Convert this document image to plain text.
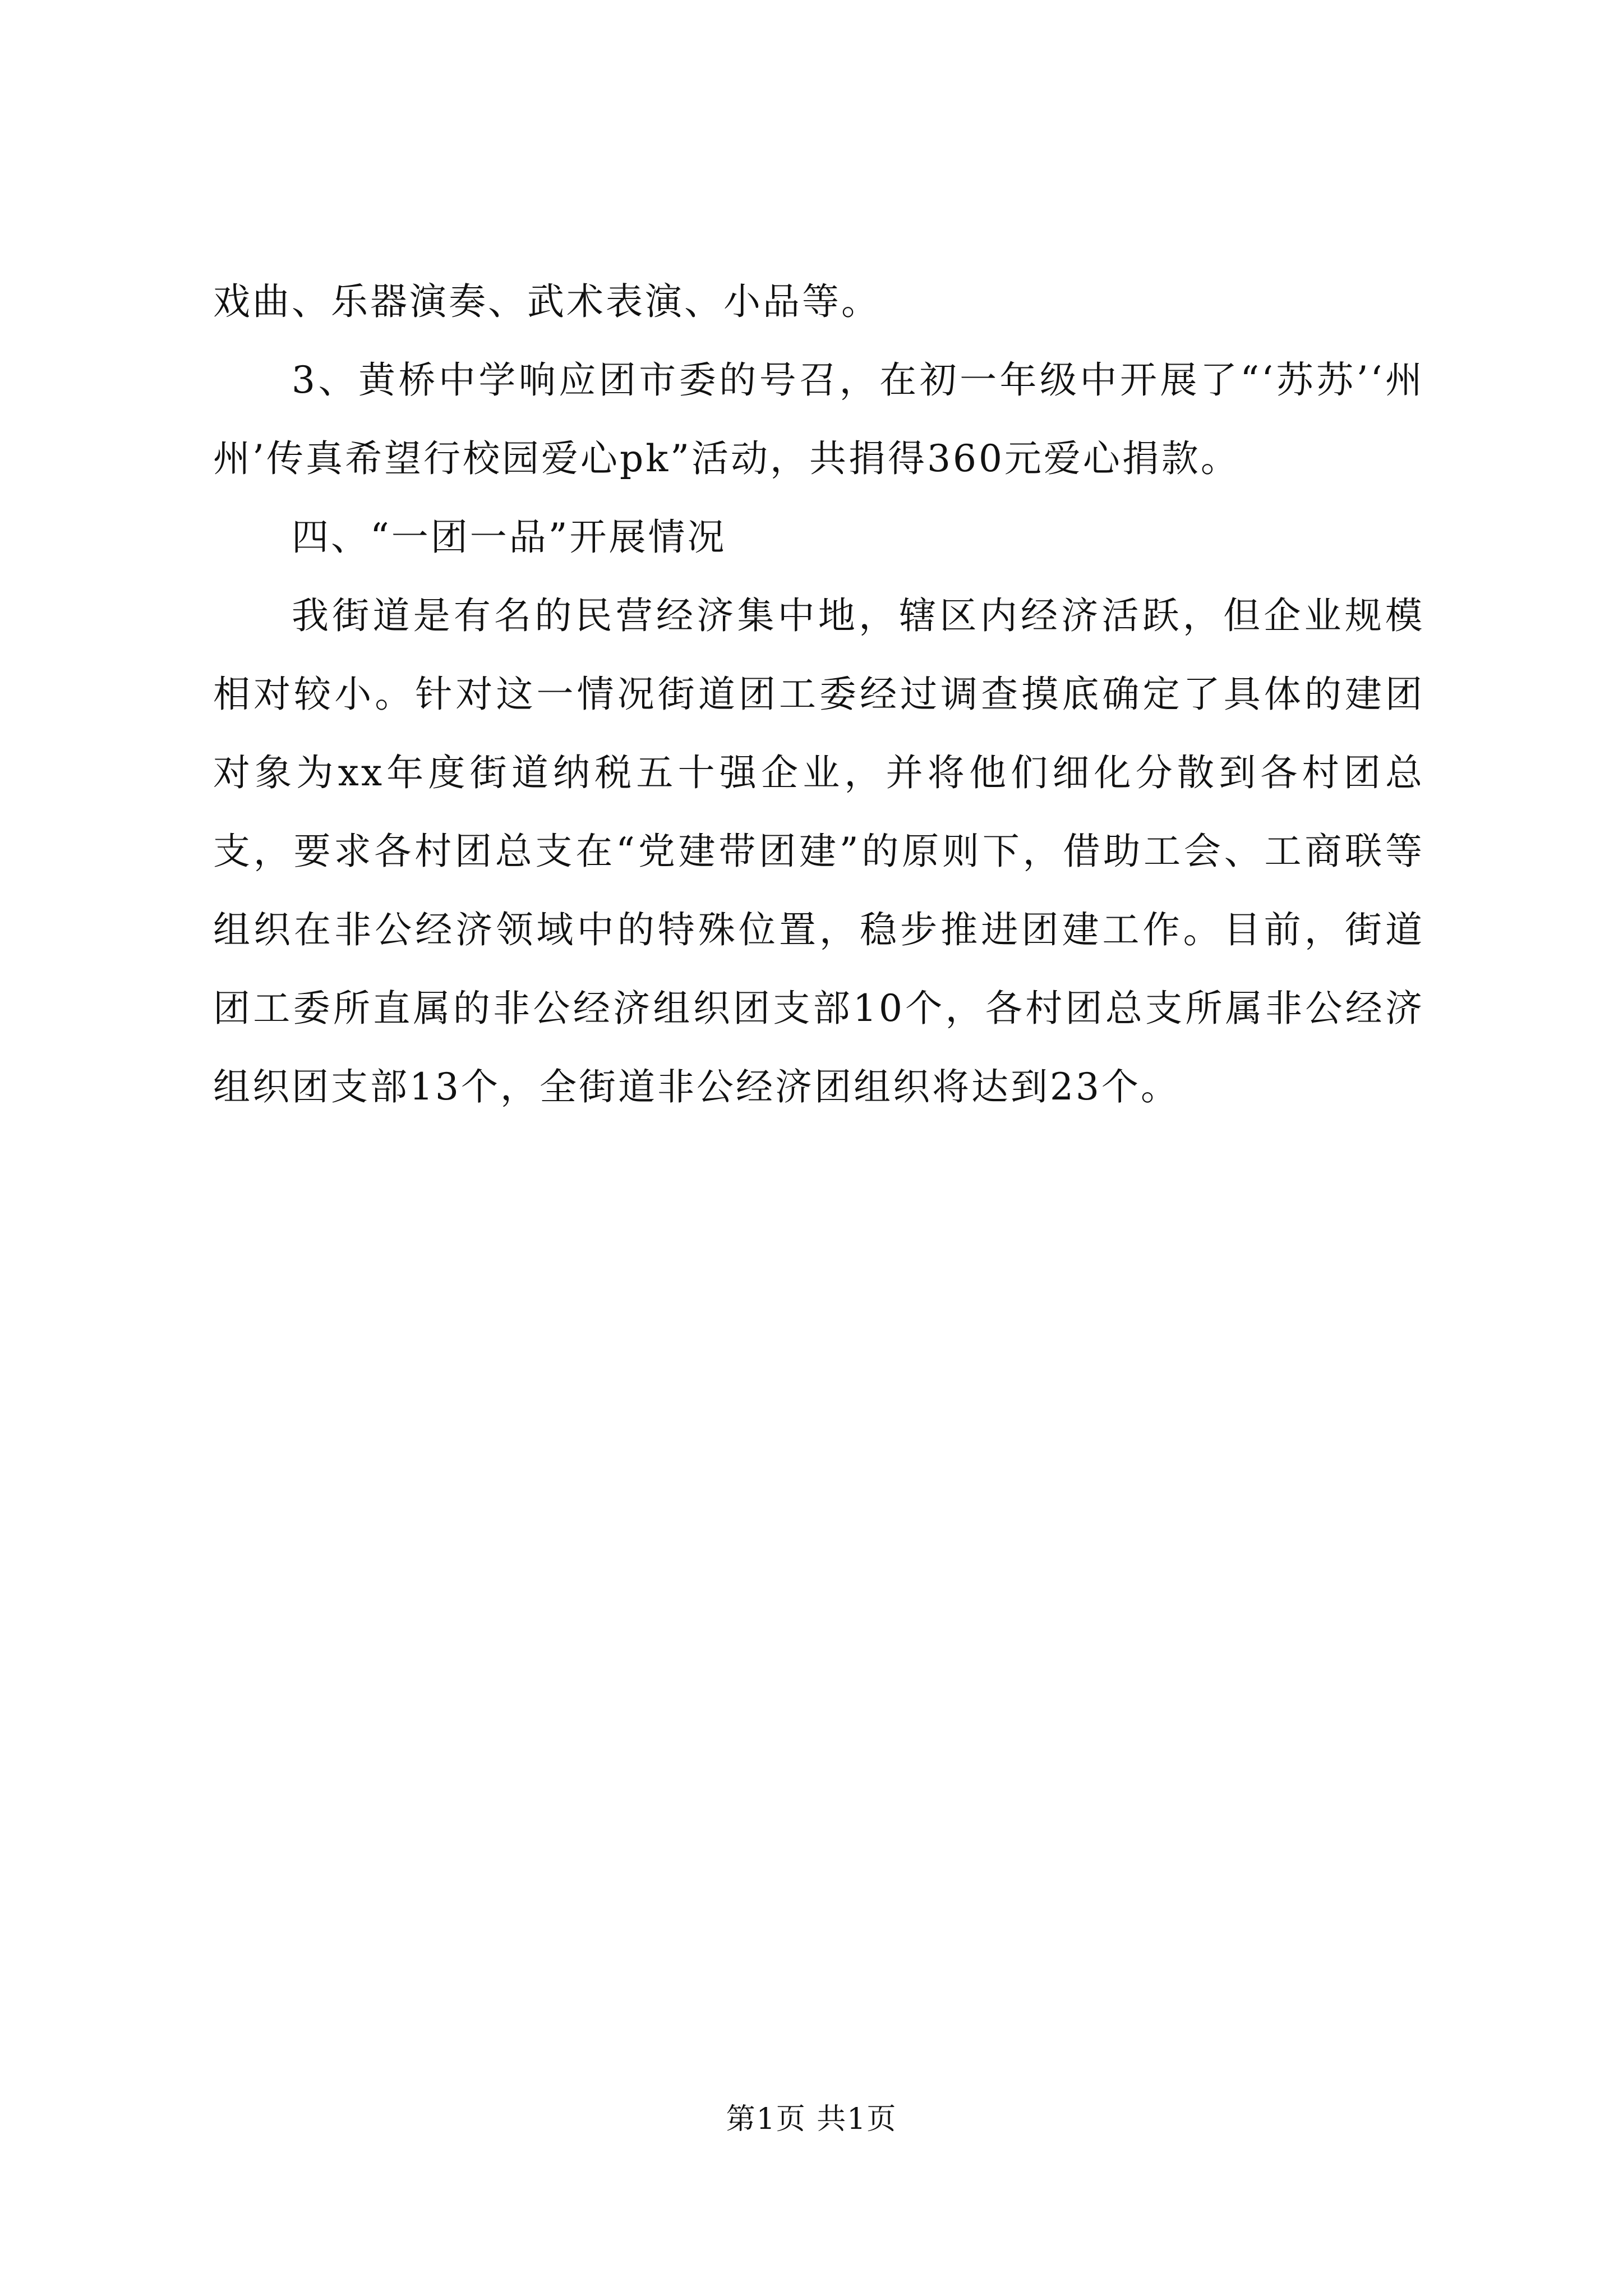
戏曲、乐器演奏、武术表演、小品等。

3、黄桥中学响应团市委的号召，在初一年级中开展了“‘苏苏’‘州州’传真希望行校园爱心pk”活动，共捐得360元爱心捐款。

四、“一团一品”开展情况

我街道是有名的民营经济集中地，辖区内经济活跃，但企业规模相对较小。针对这一情况街道团工委经过调查摸底确定了具体的建团对象为xx年度街道纳税五十强企业，并将他们细化分散到各村团总支，要求各村团总支在“党建带团建”的原则下，借助工会、工商联等组织在非公经济领域中的特殊位置，稳步推进团建工作。目前，街道团工委所直属的非公经济组织团支部10个，各村团总支所属非公经济组织团支部13个，全街道非公经济团组织将达到23个。

第1页 共1页
